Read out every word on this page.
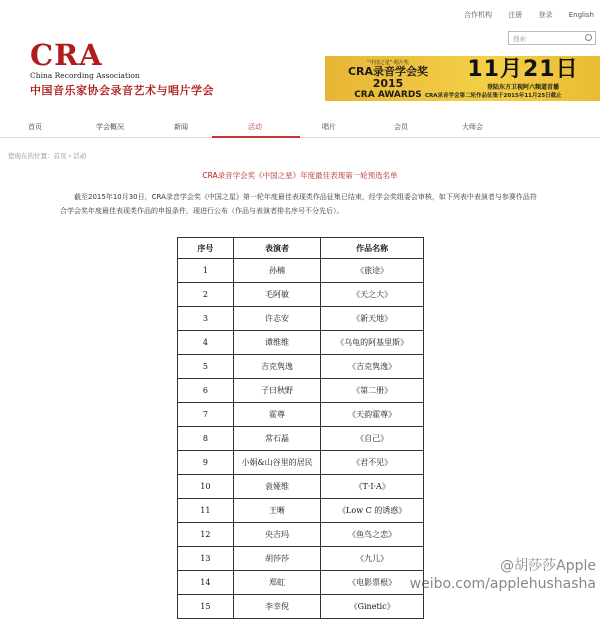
合作机构 注册 登录 English
搜索
CRA
China Recording Association
中国音乐家协会录音艺术与唱片学会
“中国之星”·唱片奖
CRA录音学会奖 2015
CRA AWARDS
11月21日
登陆东方卫视阿六频道首播
CRA录音学会第二轮作品征集于2015年11月25日截止
首页	学会概况	新闻	活动	唱片	会员	大师会
您现在的位置：首页 › 活动
CRA录音学会奖《中国之星》年度最佳表现第一轮预选名单

截至2015年10月30日，CRA录音学会奖《中国之星》第一轮年度最佳表现类作品征集已结束，经学会奖组委会审核，如下列表中表演者与参赛作品符合学会奖年度最佳表现类作品的申报条件，现进行公布（作品与表演者排名序号不分先后）。

序号	表演者	作品名称
1	孙楠	《旅途》
2	毛阿敏	《天之大》
3	许志安	《新天地》
4	谭维维	《乌龟的阿基里斯》
5	吉克隽逸	《吉克隽逸》
6	子曰秋野	《第二册》
7	霍尊	《天韵霍尊》
8	常石磊	《自己》
9	小娟&山谷里的居民	《君不见》
10	袁娅维	《T·I·A》
11	王晰	《Low C 的诱惑》
12	央吉玛	《鱼鸟之恋》
13	胡莎莎	《九儿》
14	郑虹	《电影票根》
15	李幸倪	《Ginetic》
@胡莎莎Apple
weibo.com/applehushasha
